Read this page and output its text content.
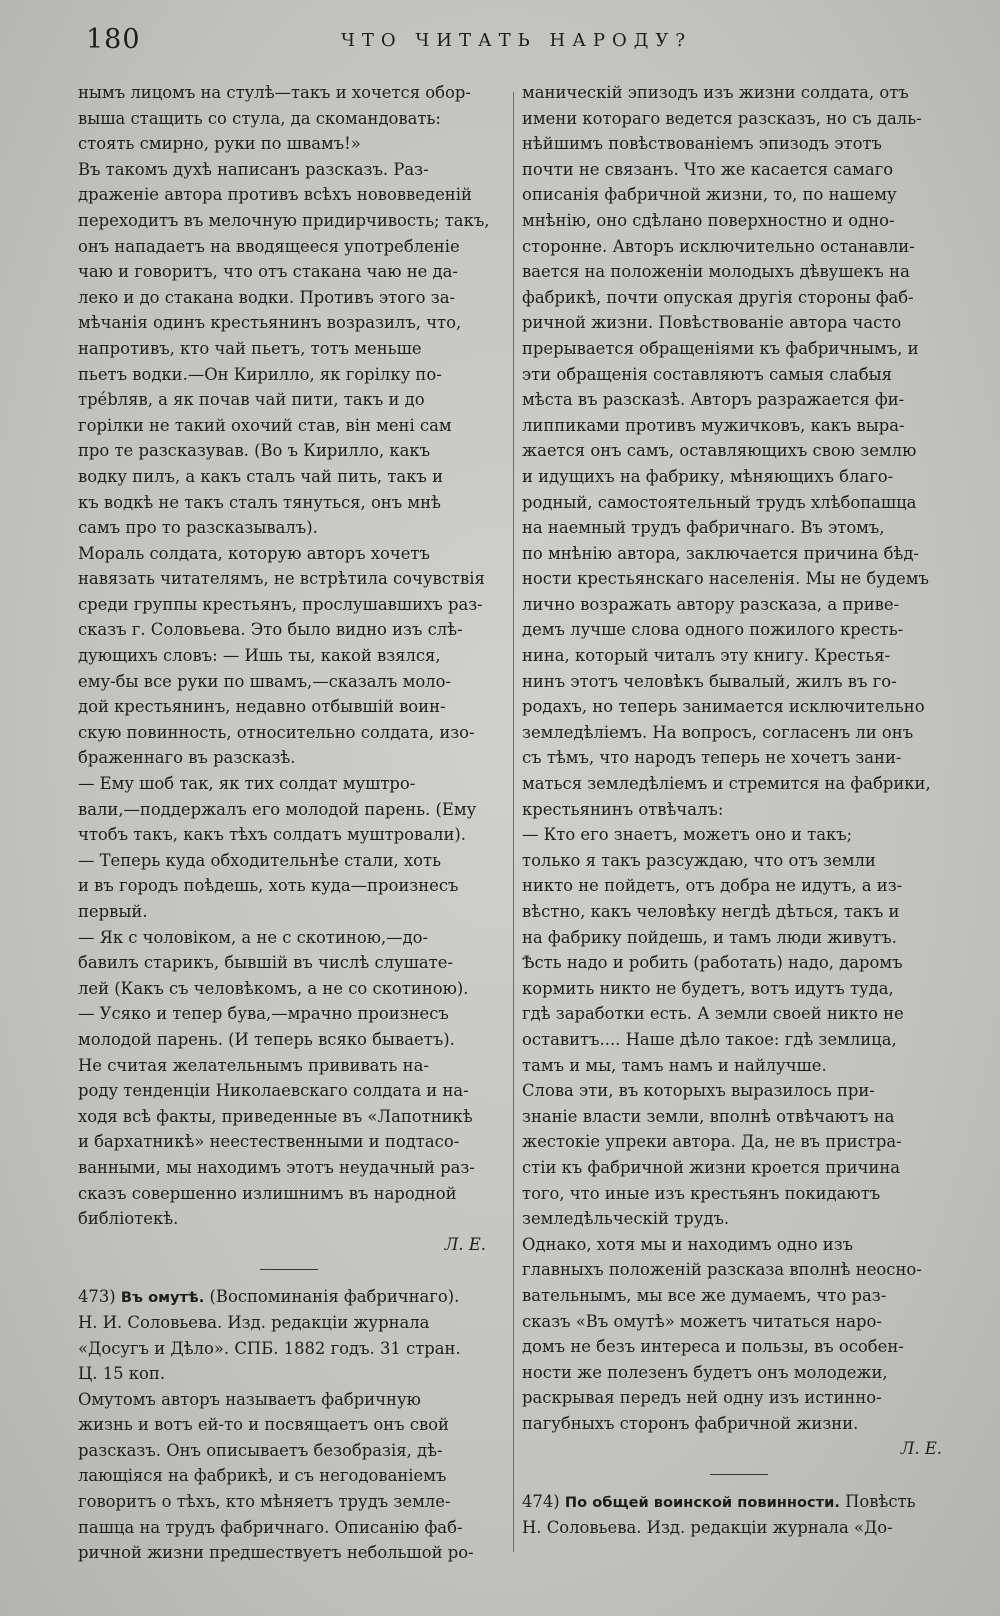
180	ЧТО ЧИТАТЬ НАРОДУ?
нымъ лицомъ на стулѣ—такъ и хочется обор-
выша стащить со стула, да скомандовать:
стоять смирно, руки по швамъ!»
Въ такомъ духѣ написанъ разсказъ. Раз-
драженіе автора противъ всѣхъ нововведеній
переходитъ въ мелочную придирчивость; такъ,
онъ нападаетъ на вводящееся употребленіе
чаю и говоритъ, что отъ стакана чаю не да-
леко и до стакана водки. Противъ этого за-
мѣчанія одинъ крестьянинъ возразилъ, что,
напротивъ, кто чай пьетъ, тотъ меньше
пьетъ водки.—Он Кирилло, як горілку по-
трébляв, а як почав чай пити, такъ и до
горілки не такий охочий став, він мені сам
про те разсказував. (Во ъ Кирилло, какъ
водку пилъ, а какъ сталъ чай пить, такъ и
къ водкѣ не такъ сталъ тянуться, онъ мнѣ
самъ про то разсказывалъ).
Мораль солдата, которую авторъ хочетъ
навязать читателямъ, не встрѣтила сочувствія
среди группы крестьянъ, прослушавшихъ раз-
сказъ г. Соловьева. Это было видно изъ слѣ-
дующихъ словъ: — Ишь ты, какой взялся,
ему-бы все руки по швамъ,—сказалъ моло-
дой крестьянинъ, недавно отбывшій воин-
скую повинность, относительно солдата, изо-
браженнаго въ разсказѣ.
— Ему шоб так, як тих солдат муштро-
вали,—поддержалъ его молодой парень. (Ему
чтобъ такъ, какъ тѣхъ солдатъ муштровали).
— Теперь куда обходительнѣе стали, хоть
и въ городъ поѣдешь, хоть куда—произнесъ
первый.
— Як с чоловіком, а не с скотиною,—до-
бавилъ старикъ, бывшій въ числѣ слушате-
лей (Какъ съ человѣкомъ, а не со скотиною).
— Усяко и тепер бува,—мрачно произнесъ
молодой парень. (И теперь всяко бываетъ).
Не считая желательнымъ прививать на-
роду тенденціи Николаевскаго солдата и на-
ходя всѣ факты, приведенные въ «Лапотникѣ
и бархатникѣ» неестественными и подтасо-
ванными, мы находимъ этотъ неудачный раз-
сказъ совершенно излишнимъ въ народной
библіотекѣ.
Л. Е.
473) Въ омутѣ. (Воспоминанія фабричнаго).
Н. И. Соловьева. Изд. редакціи журнала
«Досугъ и Дѣло». СПБ. 1882 годъ. 31 стран.
Ц. 15 коп.
Омутомъ авторъ называетъ фабричную
жизнь и вотъ ей-то и посвящаетъ онъ свой
разсказъ. Онъ описываетъ безобразія, дѣ-
лающіяся на фабрикѣ, и съ негодованіемъ
говоритъ о тѣхъ, кто мѣняетъ трудъ земле-
пашца на трудъ фабричнаго. Описанію фаб-
ричной жизни предшествуетъ небольшой ро-
маническій эпизодъ изъ жизни солдата, отъ
имени котораго ведется разсказъ, но съ даль-
нѣйшимъ повѣствованіемъ эпизодъ этотъ
почти не связанъ. Что же касается самаго
описанія фабричной жизни, то, по нашему
мнѣнію, оно сдѣлано поверхностно и одно-
сторонне. Авторъ исключительно останавли-
вается на положеніи молодыхъ дѣвушекъ на
фабрикѣ, почти опуская другія стороны фаб-
ричной жизни. Повѣствованіе автора часто
прерывается обращеніями къ фабричнымъ, и
эти обращенія составляютъ самыя слабыя
мѣста въ разсказѣ. Авторъ разражается фи-
липпиками противъ мужичковъ, какъ выра-
жается онъ самъ, оставляющихъ свою землю
и идущихъ на фабрику, мѣняющихъ благо-
родный, самостоятельный трудъ хлѣбопашца
на наемный трудъ фабричнаго. Въ этомъ,
по мнѣнію автора, заключается причина бѣд-
ности крестьянскаго населенія. Мы не будемъ
лично возражать автору разсказа, а приве-
демъ лучше слова одного пожилого кресть-
нина, который читалъ эту книгу. Крестья-
нинъ этотъ человѣкъ бывалый, жилъ въ го-
родахъ, но теперь занимается исключительно
земледѣліемъ. На вопросъ, согласенъ ли онъ
съ тѣмъ, что народъ теперь не хочетъ зани-
маться земледѣліемъ и стремится на фабрики,
крестьянинъ отвѣчалъ:
— Кто его знаетъ, можетъ оно и такъ;
только я такъ разсуждаю, что отъ земли
никто не пойдетъ, отъ добра не идутъ, а из-
вѣстно, какъ человѣку негдѣ дѣться, такъ и
на фабрику пойдешь, и тамъ люди живутъ.
Ѣсть надо и робить (работать) надо, даромъ
кормить никто не будетъ, вотъ идутъ туда,
гдѣ заработки есть. А земли своей никто не
оставитъ.... Наше дѣло такое: гдѣ землица,
тамъ и мы, тамъ намъ и найлучше.
Слова эти, въ которыхъ выразилось при-
знаніе власти земли, вполнѣ отвѣчаютъ на
жестокіе упреки автора. Да, не въ пристра-
стіи къ фабричной жизни кроется причина
того, что иные изъ крестьянъ покидаютъ
земледѣльческій трудъ.
Однако, хотя мы и находимъ одно изъ
главныхъ положеній разсказа вполнѣ неосно-
вательнымъ, мы все же думаемъ, что раз-
сказъ «Въ омутѣ» можетъ читаться наро-
домъ не безъ интереса и пользы, въ особен-
ности же полезенъ будетъ онъ молодежи,
раскрывая передъ ней одну изъ истинно-
пагубныхъ сторонъ фабричной жизни.
Л. Е.
474) По общей воинской повинности. Повѣсть
Н. Соловьева. Изд. редакціи журнала «До-
